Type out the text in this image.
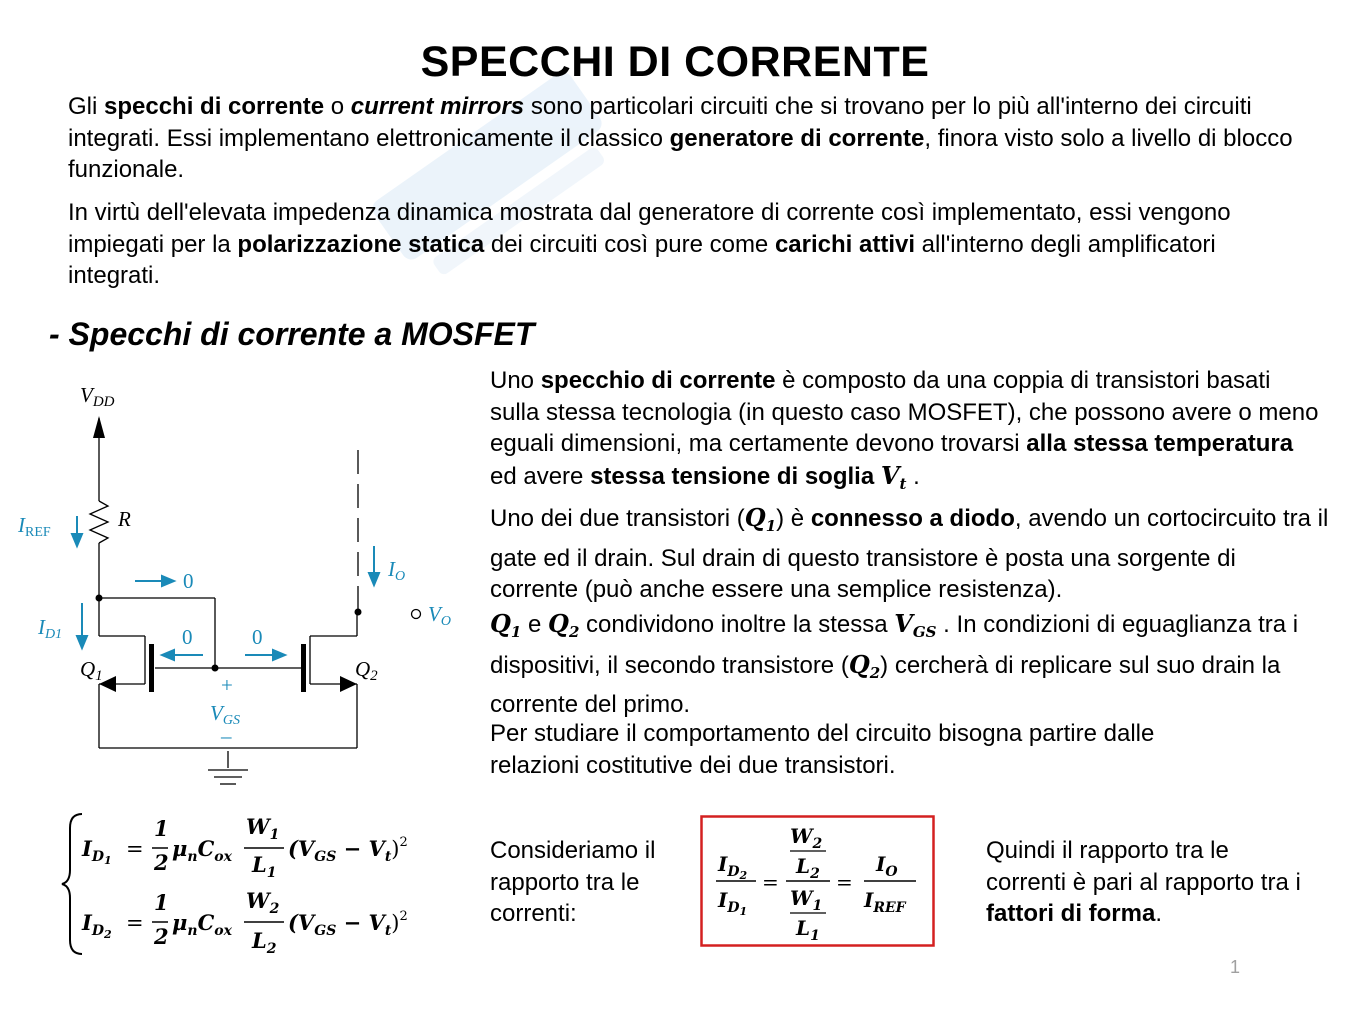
SPECCHI DI CORRENTE
Gli specchi di corrente o current mirrors sono particolari circuiti che si trovano per lo più all'interno dei circuiti integrati. Essi implementano elettronicamente il classico generatore di corrente, finora visto solo a livello di blocco funzionale.
In virtù dell'elevata impedenza dinamica mostrata dal generatore di corrente così implementato, essi vengono impiegati per la polarizzazione statica dei circuiti così pure come carichi attivi all'interno degli amplificatori integrati.
- Specchi di corrente a MOSFET
VDD
IREF
R
ID1
Q1	Q2
IO
VO
VGS
0
0	0
+
–
Uno specchio di corrente è composto da una coppia di transistori basati sulla stessa tecnologia (in questo caso MOSFET), che possono avere o meno eguali dimensioni, ma certamente devono trovarsi alla stessa temperatura ed avere stessa tensione di soglia $V_t$ .
Uno dei due transistori $(Q_1)$ è connesso a diodo, avendo un cortocircuito tra il gate ed il drain. Sul drain di questo transistore è posta una sorgente di corrente (può anche essere una semplice resistenza).
$Q_1$ e $Q_2$ condividono inoltre la stessa $V_{GS}$ . In condizioni di eguaglianza tra i dispositivi, il secondo transistore $(Q_2)$ cercherà di replicare sul suo drain la corrente del primo.
Per studiare il comportamento del circuito bisogna partire dalle relazioni costitutive dei due transistori.
$I_D1$ =
1
2
$\mu_nC_{ox}$
$W_1$
$L_1$
$(V_{GS} - V_t)^2$
$I_D2$ =
1
2
$\mu_nC_{ox}$
$W_2$
$L_2$
$(V_{GS} - V_t)^2$
Consideriamo il rapporto tra le correnti:
$I_D2$
$I_D1$
=
$W_2$
$L_2$
$W_1$
$L_1$
=
$I_O$
$I_{REF}$
Quindi il rapporto tra le correnti è pari al rapporto tra i fattori di forma.
1
